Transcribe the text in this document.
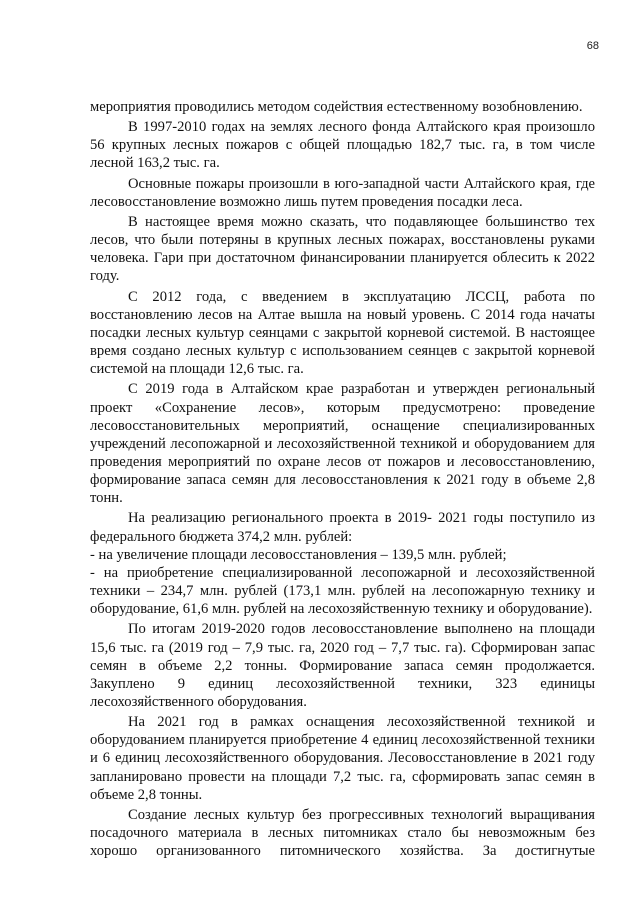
68

мероприятия проводились методом содействия естественному возобновлению.

В 1997-2010 годах на землях лесного фонда Алтайского края произошло 56 крупных лесных пожаров с общей площадью 182,7 тыс. га, в том числе лесной 163,2 тыс. га.

Основные пожары произошли в юго-западной части Алтайского края, где лесовосстановление возможно лишь путем проведения посадки леса.

В настоящее время можно сказать, что подавляющее большинство тех лесов, что были потеряны в крупных лесных пожарах, восстановлены руками человека. Гари при достаточном финансировании планируется облесить к 2022 году.

С 2012 года, с введением в эксплуатацию ЛССЦ, работа по восстановлению лесов на Алтае вышла на новый уровень. С 2014 года начаты посадки лесных культур сеянцами с закрытой корневой системой. В настоящее время создано лесных культур с использованием сеянцев с закрытой корневой системой на площади 12,6 тыс. га.

С 2019 года в Алтайском крае разработан и утвержден региональный проект «Сохранение лесов», которым предусмотрено: проведение лесовосстановительных мероприятий, оснащение специализированных учреждений лесопожарной и лесохозяйственной техникой и оборудованием для проведения мероприятий по охране лесов от пожаров и лесовосстановлению, формирование запаса семян для лесовосстановления к 2021 году в объеме 2,8 тонн.

На реализацию регионального проекта в 2019- 2021 годы поступило из федерального бюджета 374,2 млн. рублей:

- на увеличение площади лесовосстановления – 139,5 млн. рублей;

- на приобретение специализированной лесопожарной и лесохозяйственной техники – 234,7 млн. рублей (173,1 млн. рублей на лесопожарную технику и оборудование, 61,6 млн. рублей на лесохозяйственную технику и оборудование).

По итогам 2019-2020 годов лесовосстановление выполнено на площади 15,6 тыс. га (2019 год – 7,9 тыс. га, 2020 год – 7,7 тыс. га). Сформирован запас семян в объеме 2,2 тонны. Формирование запаса семян продолжается. Закуплено 9 единиц лесохозяйственной техники, 323 единицы лесохозяйственного оборудования.

На 2021 год в рамках оснащения лесохозяйственной техникой и оборудованием планируется приобретение 4 единиц лесохозяйственной техники и 6 единиц лесохозяйственного оборудования. Лесовосстановление в 2021 году запланировано провести на площади 7,2 тыс. га, сформировать запас семян в объеме 2,8 тонны.

Создание лесных культур без прогрессивных технологий выращивания посадочного материала в лесных питомниках стало бы невозможным без хорошо организованного питомнического хозяйства. За достигнутые
